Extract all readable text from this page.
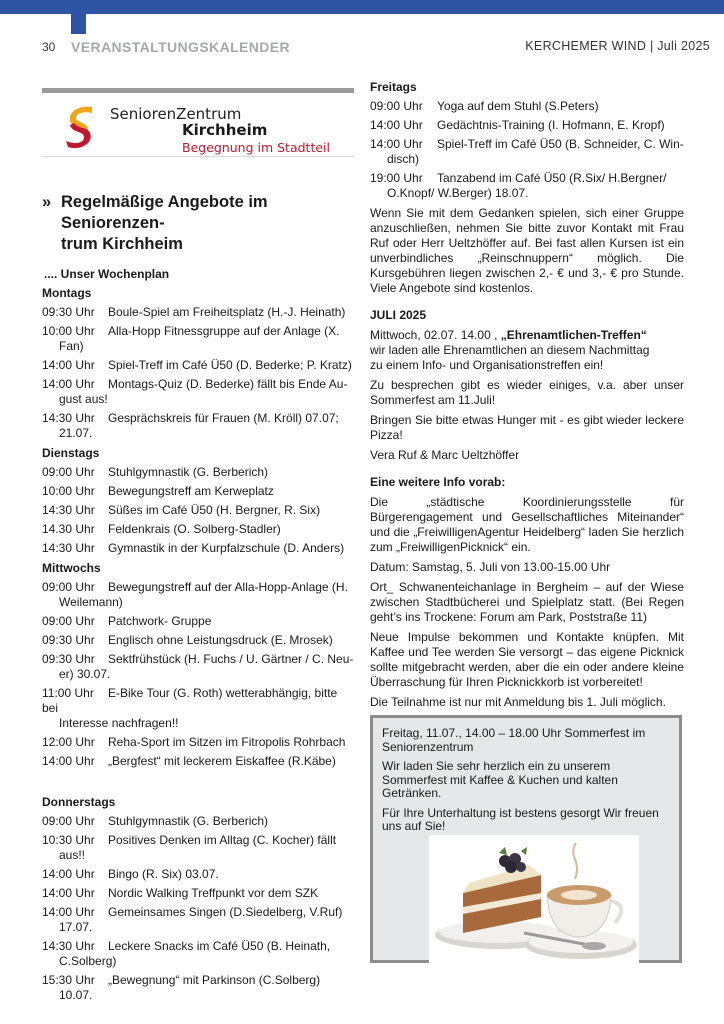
30 VERANSTALTUNGSKALENDER	KERCHEMER WIND | Juli 2025
SeniorenZentrum
Kirchheim
Begegnung im Stadtteil
» Regelmäßige Angebote im Seniorenzen-
trum Kirchheim
.... Unser Wochenplan
Montags
09:30 Uhr Boule-Spiel am Freiheitsplatz (H.-J. Heinath)
10:00 Uhr Alla-Hopp Fitnessgruppe auf der Anlage (X.
Fan)
14:00 Uhr Spiel-Treff im Café Ü50 (D. Bederke; P. Kratz)
14:00 Uhr Montags-Quiz (D. Bederke) fällt bis Ende Au-
gust aus!
14:30 Uhr Gesprächskreis für Frauen (M. Kröll) 07.07;
21.07.
Dienstags
09:00 Uhr Stuhlgymnastik (G. Berberich)
10:00 Uhr Bewegungstreff am Kerweplatz
14:30 Uhr Süßes im Café Ü50 (H. Bergner, R. Six)
14.30 Uhr Feldenkrais (O. Solberg-Stadler)
14:30 Uhr Gymnastik in der Kurpfalzschule (D. Anders)
Mittwochs
09:00 Uhr Bewegungstreff auf der Alla-Hopp-Anlage (H.
Weilemann)
09:00 Uhr Patchwork- Gruppe
09:30 Uhr Englisch ohne Leistungsdruck (E. Mrosek)
09:30 Uhr Sektfrühstück (H. Fuchs / U. Gärtner / C. Neu-
er) 30.07.
11:00 Uhr E-Bike Tour (G. Roth) wetterabhängig, bitte bei
Interesse nachfragen!!
12:00 Uhr Reha-Sport im Sitzen im Fitropolis Rohrbach
14:00 Uhr „Bergfest“ mit leckerem Eiskaffee (R.Käbe)
Donnerstags
09:00 Uhr Stuhlgymnastik (G. Berberich)
10:30 Uhr Positives Denken im Alltag (C. Kocher) fällt
aus!!
14:00 Uhr Bingo (R. Six) 03.07.
14:00 Uhr Nordic Walking Treffpunkt vor dem SZK
14:00 Uhr Gemeinsames Singen (D.Siedelberg, V.Ruf)
17.07.
14:30 Uhr Leckere Snacks im Café Ü50 (B. Heinath,
C.Solberg)
15:30 Uhr „Bewegnung“ mit Parkinson (C.Solberg)
10.07.
Freitags
09:00 Uhr Yoga auf dem Stuhl (S.Peters)
14:00 Uhr Gedächtnis-Training (I. Hofmann, E. Kropf)
14:00 Uhr Spiel-Treff im Café Ü50 (B. Schneider, C. Win-
disch)
19:00 Uhr Tanzabend im Café Ü50 (R.Six/ H.Bergner/
O.Knopf/ W.Berger) 18.07.

Wenn Sie mit dem Gedanken spielen, sich einer Gruppe anzuschließen, nehmen Sie bitte zuvor Kontakt mit Frau Ruf oder Herr Ueltzhöffer auf. Bei fast allen Kursen ist ein unverbindliches „Reinschnuppern“ möglich. Die Kursgebühren liegen zwischen 2,- € und 3,- € pro Stunde. Viele Angebote sind kostenlos.

JULI 2025

Mittwoch, 02.07. 14.00 , „Ehrenamtlichen-Treffen“
wir laden alle Ehrenamtlichen an diesem Nachmittag
zu einem Info- und Organisationstreffen ein!

Zu besprechen gibt es wieder einiges, v.a. aber unser Sommerfest am 11.Juli!

Bringen Sie bitte etwas Hunger mit - es gibt wieder leckere Pizza!

Vera Ruf & Marc Ueltzhöffer

Eine weitere Info vorab:

Die „städtische Koordinierungsstelle für Bürgerengagement und Gesellschaftliches Miteinander“ und die „FreiwilligenAgentur Heidelberg“ laden Sie herzlich zum „FreiwilligenPicknick“ ein.

Datum: Samstag, 5. Juli von 13.00-15.00 Uhr

Ort_ Schwanenteichanlage in Bergheim – auf der Wiese zwischen Stadtbücherei und Spielplatz statt. (Bei Regen geht’s ins Trockene: Forum am Park, Poststraße 11)

Neue Impulse bekommen und Kontakte knüpfen. Mit Kaffee und Tee werden Sie versorgt – das eigene Picknick sollte mitgebracht werden, aber die ein oder andere kleine Überraschung für Ihren Picknickkorb ist vorbereitet!

Die Teilnahme ist nur mit Anmeldung bis 1. Juli möglich.

Freitag, 11.07., 14.00 – 18.00 Uhr Sommerfest im Seniorenzentrum

Wir laden Sie sehr herzlich ein zu unserem Sommerfest mit Kaffee & Kuchen und kalten Getränken.

Für Ihre Unterhaltung ist bestens gesorgt Wir freuen uns auf Sie!
